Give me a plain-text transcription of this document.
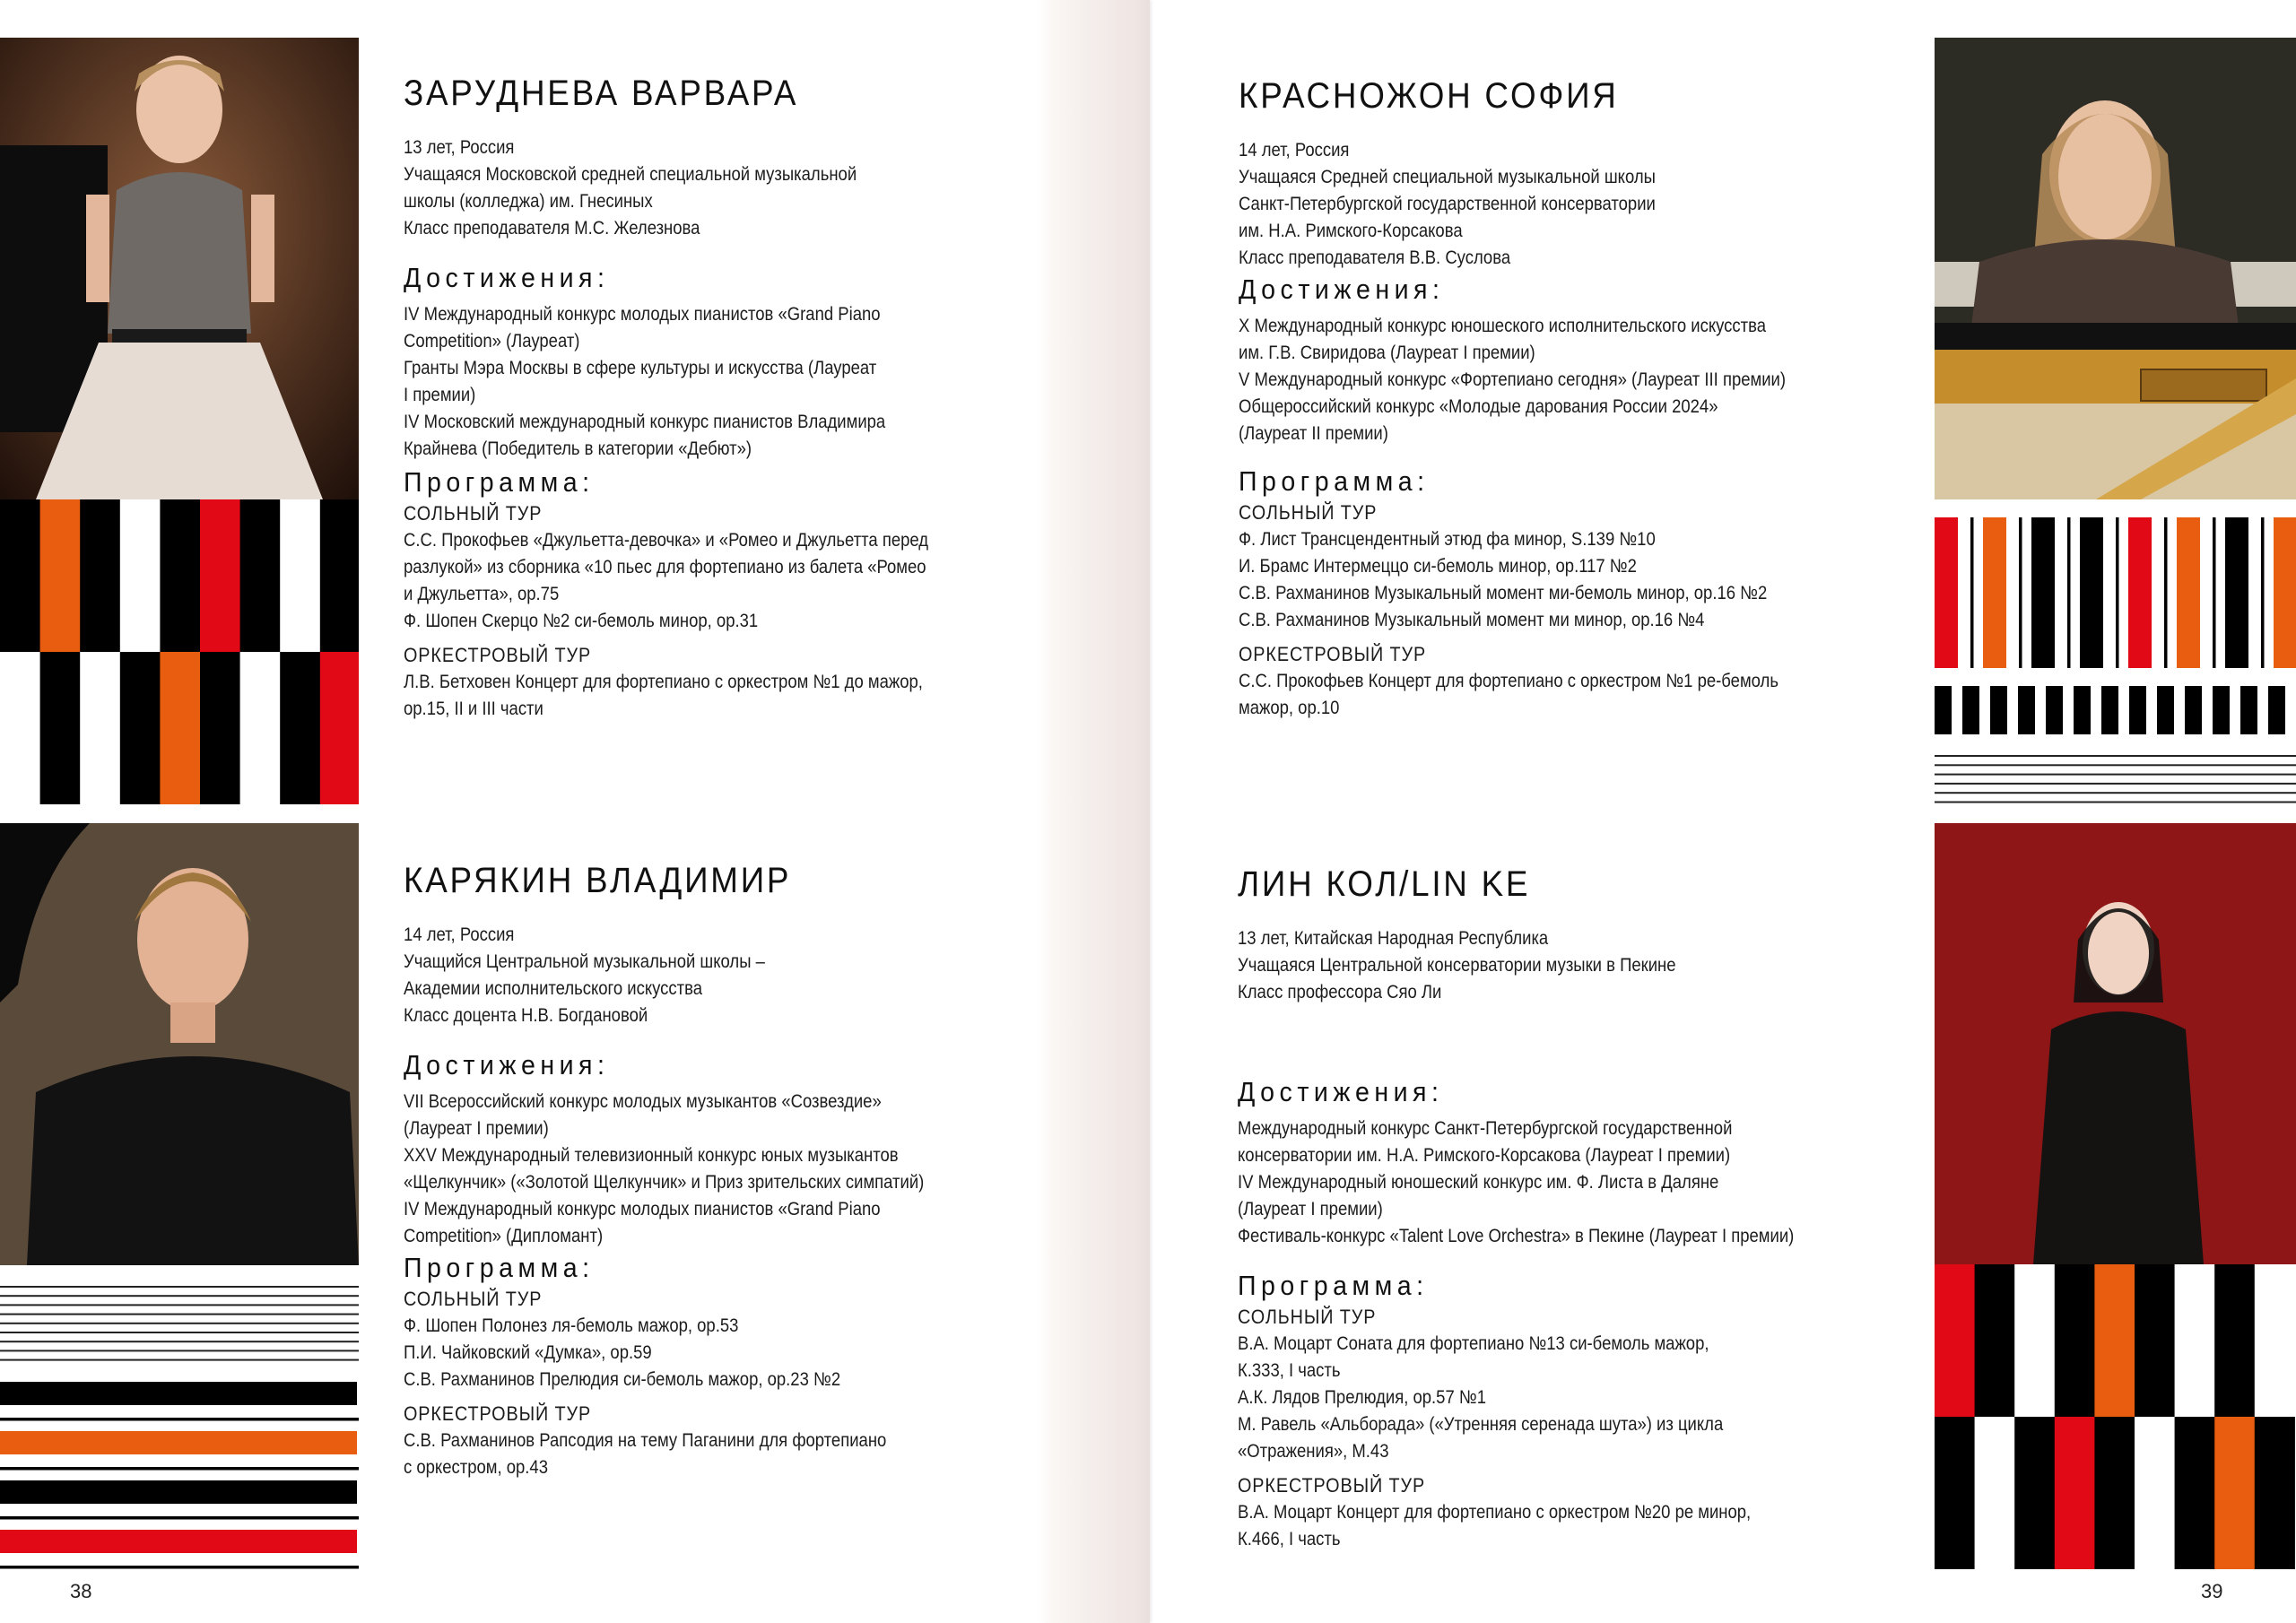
ЗАРУДНЕВА ВАРВАРА
13 лет, Россия
Учащаяся Московской средней специальной музыкальной
школы (колледжа) им. Гнесиных
Класс преподавателя М.С. Железнова
Достижения:
IV Международный конкурс молодых пианистов «Grand Piano
Competition» (Лауреат)
Гранты Мэра Москвы в сфере культуры и искусства (Лауреат
I премии)
IV Московский международный конкурс пианистов Владимира
Крайнева (Победитель в категории «Дебют»)
Программа:
СОЛЬНЫЙ ТУР
С.С. Прокофьев «Джульетта-девочка» и «Ромео и Джульетта перед
разлукой» из сборника «10 пьес для фортепиано из балета «Ромео
и Джульетта», ор.75
Ф. Шопен Скерцо №2 си-бемоль минор, ор.31
ОРКЕСТРОВЫЙ ТУР
Л.В. Бетховен Концерт для фортепиано с оркестром №1 до мажор,
ор.15, II и III части
КРАСНОЖОН СОФИЯ
14 лет, Россия
Учащаяся Средней специальной музыкальной школы
Санкт-Петербургской государственной консерватории
им. Н.А. Римского-Корсакова
Класс преподавателя В.В. Суслова
Достижения:
X Международный конкурс юношеского исполнительского искусства
им. Г.В. Свиридова (Лауреат I премии)
V Международный конкурс «Фортепиано сегодня» (Лауреат III премии)
Общероссийский конкурс «Молодые дарования России 2024»
(Лауреат II премии)
Программа:
СОЛЬНЫЙ ТУР
Ф. Лист Трансцендентный этюд фа минор, S.139 №10
И. Брамс Интермеццо си-бемоль минор, ор.117 №2
С.В. Рахманинов Музыкальный момент ми-бемоль минор, ор.16 №2
С.В. Рахманинов Музыкальный момент ми минор, ор.16 №4
ОРКЕСТРОВЫЙ ТУР
С.С. Прокофьев Концерт для фортепиано с оркестром №1 ре-бемоль
мажор, ор.10
КАРЯКИН ВЛАДИМИР
14 лет, Россия
Учащийся Центральной музыкальной школы –
Академии исполнительского искусства
Класс доцента Н.В. Богдановой
Достижения:
VII Всероссийский конкурс молодых музыкантов «Созвездие»
(Лауреат I премии)
XXV Международный телевизионный конкурс юных музыкантов
«Щелкунчик» («Золотой Щелкунчик» и Приз зрительских симпатий)
IV Международный конкурс молодых пианистов «Grand Piano
Competition» (Дипломант)
Программа:
СОЛЬНЫЙ ТУР
Ф. Шопен Полонез ля-бемоль мажор, ор.53
П.И. Чайковский «Думка», ор.59
С.В. Рахманинов Прелюдия си-бемоль мажор, ор.23 №2
ОРКЕСТРОВЫЙ ТУР
С.В. Рахманинов Рапсодия на тему Паганини для фортепиано
с оркестром, ор.43
ЛИН КОЛ/LIN KE
13 лет, Китайская Народная Республика
Учащаяся Центральной консерватории музыки в Пекине
Класс профессора Сяо Ли
Достижения:
Международный конкурс Санкт-Петербургской государственной
консерватории им. Н.А. Римского-Корсакова (Лауреат I премии)
IV Международный юношеский конкурс им. Ф. Листа в Даляне
(Лауреат I премии)
Фестиваль-конкурс «Talent Love Orchestra» в Пекине (Лауреат I премии)
Программа:
СОЛЬНЫЙ ТУР
В.А. Моцарт Соната для фортепиано №13 си-бемоль мажор,
К.333, I часть
А.К. Лядов Прелюдия, ор.57 №1
М. Равель «Альборада» («Утренняя серенада шута») из цикла
«Отражения», М.43
ОРКЕСТРОВЫЙ ТУР
В.А. Моцарт Концерт для фортепиано с оркестром №20 ре минор,
К.466, I часть
38	39
